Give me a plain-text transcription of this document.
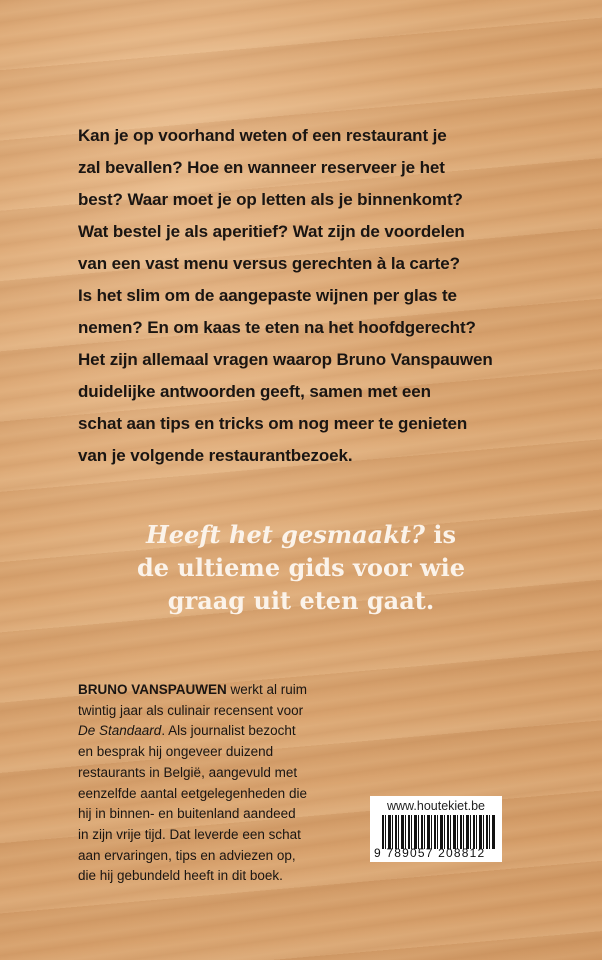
Kan je op voorhand weten of een restaurant je
zal bevallen? Hoe en wanneer reserveer je het
best? Waar moet je op letten als je binnenkomt?
Wat bestel je als aperitief? Wat zijn de voordelen
van een vast menu versus gerechten à la carte?
Is het slim om de aangepaste wijnen per glas te
nemen? En om kaas te eten na het hoofdgerecht?
Het zijn allemaal vragen waarop Bruno Vanspauwen
duidelijke antwoorden geeft, samen met een
schat aan tips en tricks om nog meer te genieten
van je volgende restaurantbezoek.
Heeft het gesmaakt? is
de ultieme gids voor wie
graag uit eten gaat.
BRUNO VANSPAUWEN werkt al ruim
twintig jaar als culinair recensent voor
De Standaard. Als journalist bezocht
en besprak hij ongeveer duizend
restaurants in België, aangevuld met
eenzelfde aantal eetgelegenheden die
hij in binnen- en buitenland aandeed
in zijn vrije tijd. Dat leverde een schat
aan ervaringen, tips en adviezen op,
die hij gebundeld heeft in dit boek.
www.houtekiet.be
9 789057 208812
